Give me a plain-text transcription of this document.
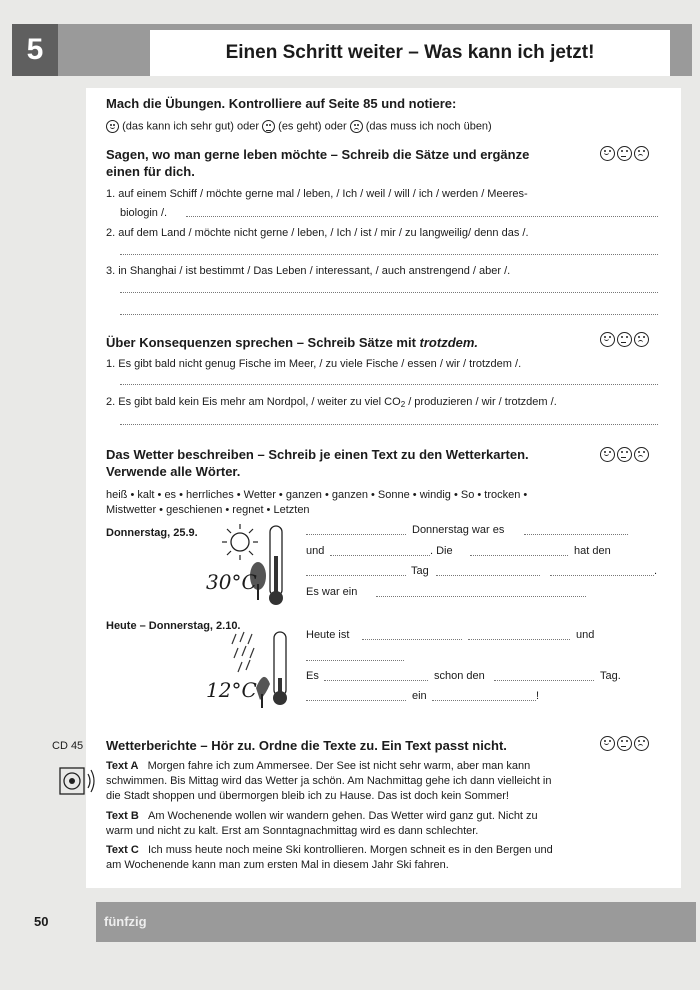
5	Einen Schritt weiter – Was kann ich jetzt!
Mach die Übungen. Kontrolliere auf Seite 85 und notiere:
(das kann ich sehr gut) oder (es geht) oder (das muss ich noch üben)
Sagen, wo man gerne leben möchte – Schreib die Sätze und ergänze
einen für dich.
1. auf einem Schiff / möchte gerne mal / leben, / Ich / weil / will / ich / werden / Meeres-
biologin /.
2. auf dem Land / möchte nicht gerne / leben, / Ich / ist / mir / zu langweilig/ denn das /.
3. in Shanghai / ist bestimmt / Das Leben / interessant, / auch anstrengend / aber /.
Über Konsequenzen sprechen – Schreib Sätze mit trotzdem.
1. Es gibt bald nicht genug Fische im Meer, / zu viele Fische / essen / wir / trotzdem /.
2. Es gibt bald kein Eis mehr am Nordpol, / weiter zu viel $CO_2$ / produzieren / wir / trotzdem /.
Das Wetter beschreiben – Schreib je einen Text zu den Wetterkarten.
Verwende alle Wörter.
heiß • kalt • es • herrliches • Wetter • ganzen • ganzen • Sonne • windig • So • trocken •
Mistwetter • geschienen • regnet • Letzten
Donnerstag, 25.9.
30°C
Donnerstag war es
und	. Die	hat den
Tag	.
Es war ein
Heute – Donnerstag, 2.10.
12°C
Heute ist	und
Es	schon den	Tag.
ein	!
Wetterberichte – Hör zu. Ordne die Texte zu. Ein Text passt nicht.
Text A Morgen fahre ich zum Ammersee. Der See ist nicht sehr warm, aber man kann
schwimmen. Bis Mittag wird das Wetter ja schön. Am Nachmittag gehe ich dann vielleicht in
die Stadt shoppen und übermorgen bleib ich zu Hause. Das ist doch kein Sommer!
Text B Am Wochenende wollen wir wandern gehen. Das Wetter wird ganz gut. Nicht zu
warm und nicht zu kalt. Erst am Sonntagnachmittag wird es dann schlechter.
Text C Ich muss heute noch meine Ski kontrollieren. Morgen schneit es in den Bergen und
am Wochenende kann man zum ersten Mal in diesem Jahr Ski fahren.
CD 45
50	fünfzig
